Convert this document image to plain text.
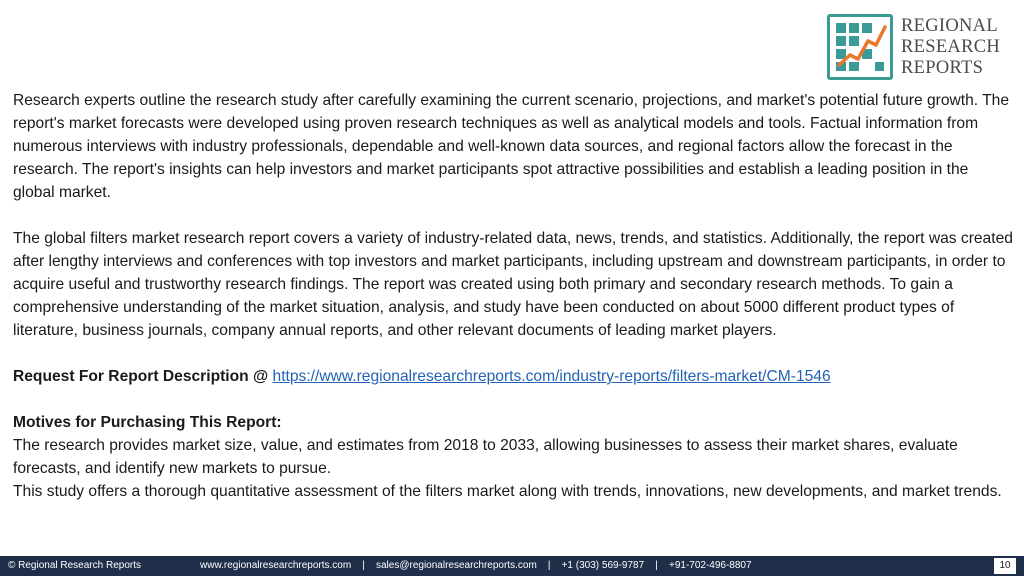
REGIONAL
RESEARCH
REPORTS

Research experts outline the research study after carefully examining the current scenario, projections, and market's potential future growth. The report's market forecasts were developed using proven research techniques as well as analytical models and tools. Factual information from numerous interviews with industry professionals, dependable and well-known data sources, and regional factors allow the forecast in the research. The report's insights can help investors and market participants spot attractive possibilities and establish a leading position in the global market.

The global filters market research report covers a variety of industry-related data, news, trends, and statistics. Additionally, the report was created after lengthy interviews and conferences with top investors and market participants, including upstream and downstream participants, in order to acquire useful and trustworthy research findings. The report was created using both primary and secondary research methods. To gain a comprehensive understanding of the market situation, analysis, and study have been conducted on about 5000 different product types of literature, business journals, company annual reports, and other relevant documents of leading market players.

Request For Report Description @ https://www.regionalresearchreports.com/industry-reports/filters-market/CM-1546

Motives for Purchasing This Report:

The research provides market size, value, and estimates from 2018 to 2033, allowing businesses to assess their market shares, evaluate forecasts, and identify new markets to pursue.

This study offers a thorough quantitative assessment of the filters market along with trends, innovations, new developments, and market trends.

© Regional Research Reports	www.regionalresearchreports.com    |    sales@regionalresearchreports.com    |    +1 (303) 569-9787    |    +91-702-496-8807	10
